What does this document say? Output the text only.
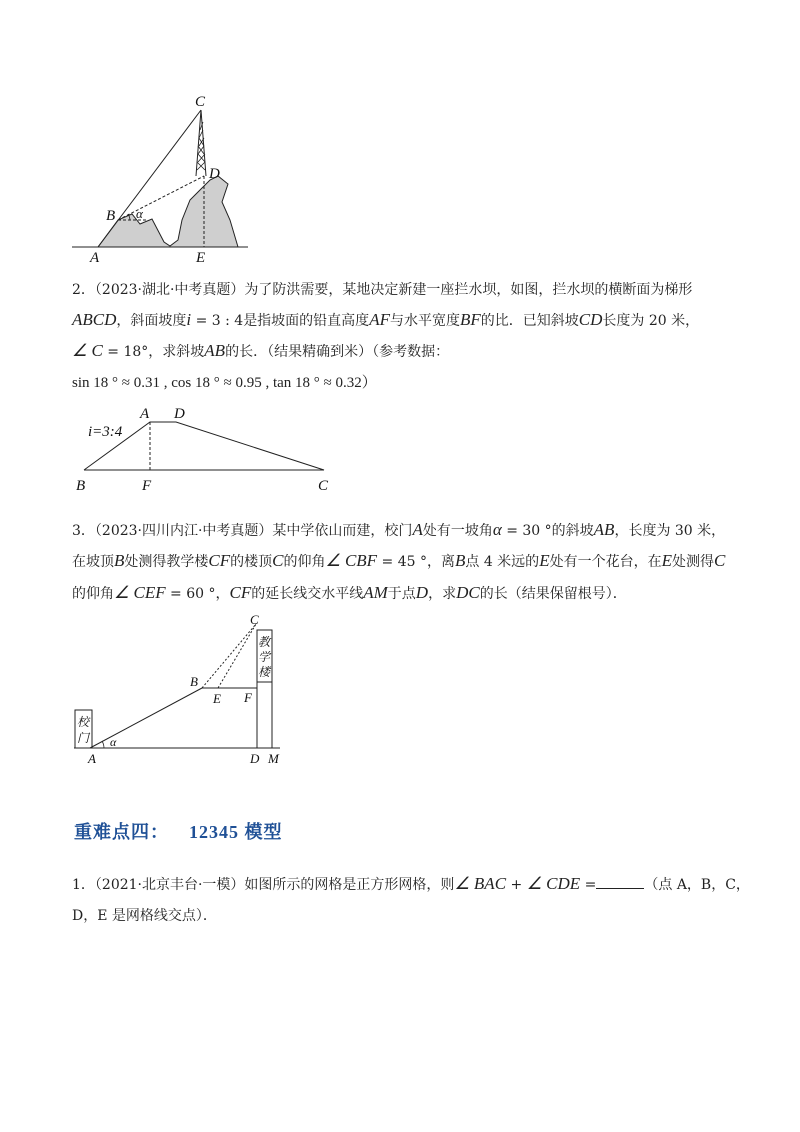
C
D
B α
A	E
2．（2023·湖北·中考真题）为了防洪需要，某地决定新建一座拦水坝，如图，拦水坝的横断面为梯形
ABCD，斜面坡度i = 3 : 4是指坡面的铅直高度AF与水平宽度BF的比．已知斜坡CD长度为 20 米，
∠ C = 18°，求斜坡AB的长．（结果精确到米）（参考数据：
sin 18 ° ≈ 0.31 , cos 18 ° ≈ 0.95 , tan 18 ° ≈ 0.32）
A D
i=3:4
B	F	C
3．（2023·四川内江·中考真题）某中学依山而建，校门A处有一坡角α = 30 °的斜坡AB，长度为 30 米，
在坡顶B处测得教学楼CF的楼顶C的仰角∠ CBF = 45 °，离B点 4 米远的E处有一个花台，在E处测得C
的仰角∠ CEF = 60 °，CF的延长线交水平线AM于点D，求DC的长（结果保留根号）．
校
门
教
学
楼
C
B
E F
α
A	D M
重难点四： 12345 模型
1．（2021·北京丰台·一模）如图所示的网格是正方形网格，则∠ BAC + ∠ CDE =	（点 A，B，C，
D，E 是网格线交点）．
